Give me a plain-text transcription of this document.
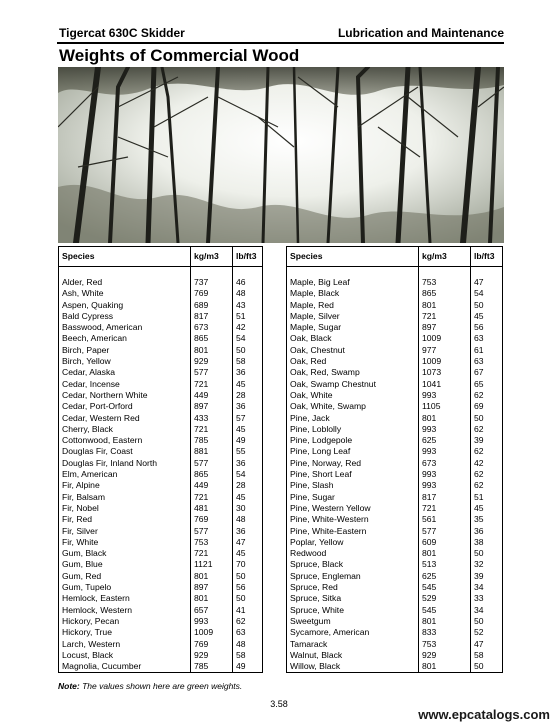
Tigercat 630C Skidder	Lubrication and Maintenance
Weights of Commercial Wood
Species	kg/m3	lb/ft3

Alder, Red	737	46
Ash, White	769	48
Aspen, Quaking	689	43
Bald Cypress	817	51
Basswood, American	673	42
Beech, American	865	54
Birch, Paper	801	50
Birch, Yellow	929	58
Cedar, Alaska	577	36
Cedar, Incense	721	45
Cedar, Northern White	449	28
Cedar, Port-Orford	897	36
Cedar, Western Red	433	57
Cherry, Black	721	45
Cottonwood, Eastern	785	49
Douglas Fir, Coast	881	55
Douglas Fir, Inland North	577	36
Elm, American	865	54
Fir, Alpine	449	28
Fir, Balsam	721	45
Fir, Nobel	481	30
Fir, Red	769	48
Fir, Silver	577	36
Fir, White	753	47
Gum, Black	721	45
Gum, Blue	1121	70
Gum, Red	801	50
Gum, Tupelo	897	56
Hemlock, Eastern	801	50
Hemlock, Western	657	41
Hickory, Pecan	993	62
Hickory, True	1009	63
Larch, Western	769	48
Locust, Black	929	58
Magnolia, Cucumber	785	49
Species	kg/m3	lb/ft3

Maple, Big Leaf	753	47
Maple, Black	865	54
Maple, Red	801	50
Maple, Silver	721	45
Maple, Sugar	897	56
Oak, Black	1009	63
Oak, Chestnut	977	61
Oak, Red	1009	63
Oak, Red, Swamp	1073	67
Oak, Swamp Chestnut	1041	65
Oak, White	993	62
Oak, White, Swamp	1105	69
Pine, Jack	801	50
Pine, Loblolly	993	62
Pine, Lodgepole	625	39
Pine, Long Leaf	993	62
Pine, Norway, Red	673	42
Pine, Short Leaf	993	62
Pine, Slash	993	62
Pine, Sugar	817	51
Pine, Western Yellow	721	45
Pine, White-Western	561	35
Pine, White-Eastern	577	36
Poplar, Yellow	609	38
Redwood	801	50
Spruce, Black	513	32
Spruce, Engleman	625	39
Spruce, Red	545	34
Spruce, Sitka	529	33
Spruce, White	545	34
Sweetgum	801	50
Sycamore, American	833	52
Tamarack	753	47
Walnut, Black	929	58
Willow, Black	801	50
Note: The values shown here are green weights.
3.58
www.epcatalogs.com
